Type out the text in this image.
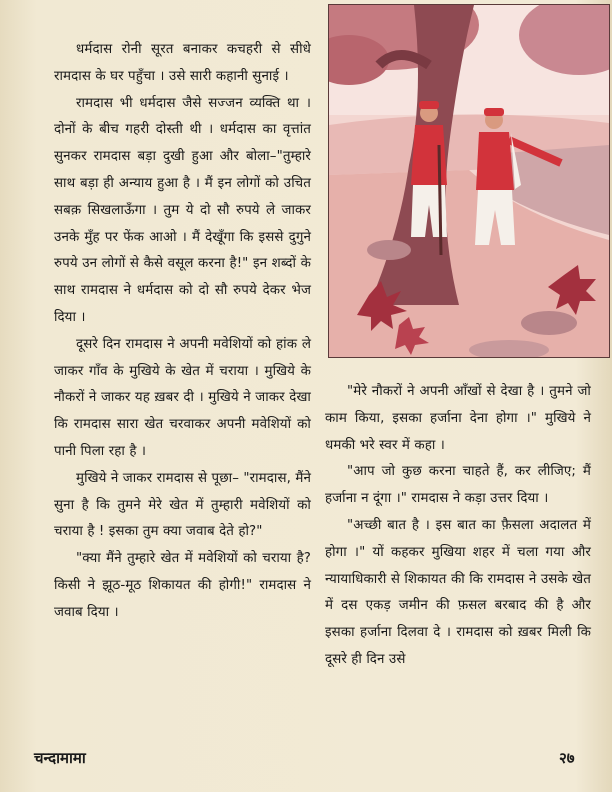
धर्मदास रोनी सूरत बनाकर कचहरी से सीधे रामदास के घर पहुँचा । उसे सारी कहानी सुनाई ।

रामदास भी धर्मदास जैसे सज्जन व्यक्ति था । दोनों के बीच गहरी दोस्ती थी । धर्मदास का वृत्तांत सुनकर रामदास बड़ा दुखी हुआ और बोला–"तुम्हारे साथ बड़ा ही अन्याय हुआ है । मैं इन लोगों को उचित सबक़ सिखलाऊँगा । तुम ये दो सौ रुपये ले जाकर उनके मुँह पर फेंक आओ । मैं देखूँगा कि इससे दुगुने रुपये उन लोगों से कैसे वसूल करना है!" इन शब्दों के साथ रामदास ने धर्मदास को दो सौ रुपये देकर भेज दिया ।

दूसरे दिन रामदास ने अपनी मवेशियों को हांक ले जाकर गाँव के मुखिये के खेत में चराया । मुखिये के नौकरों ने जाकर यह ख़बर दी । मुखिये ने जाकर देखा कि रामदास सारा खेत चरवाकर अपनी मवेशियों को पानी पिला रहा है ।

मुखिये ने जाकर रामदास से पूछा– "रामदास, मैंने सुना है कि तुमने मेरे खेत में तुम्हारी मवेशियों को चराया है ! इसका तुम क्या जवाब देते हो?"

"क्या मैंने तुम्हारे खेत में मवेशियों को चराया है? किसी ने झूठ-मूठ शिकायत की होगी!" रामदास ने जवाब दिया ।

"मेरे नौकरों ने अपनी आँखों से देखा है । तुमने जो काम किया, इसका हर्जाना देना होगा ।" मुखिये ने धमकी भरे स्वर में कहा ।

"आप जो कुछ करना चाहते हैं, कर लीजिए; मैं हर्जाना न दूंगा ।" रामदास ने कड़ा उत्तर दिया ।

"अच्छी बात है । इस बात का फ़ैसला अदालत में होगा ।" यों कहकर मुखिया शहर में चला गया और न्यायाधिकारी से शिकायत की कि रामदास ने उसके खेत में दस एकड़ जमीन की फ़सल बरबाद की है और इसका हर्जाना दिलवा दे । रामदास को ख़बर मिली कि दूसरे ही दिन उसे

चन्दामामा	२७
